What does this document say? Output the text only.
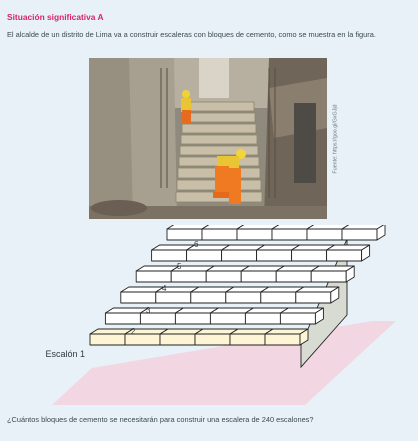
Situación significativa A
El alcalde de un distrito de Lima va a construir escaleras con bloques de cemento, como se muestra en la figura.
Fuente: https://goo.gl/GxGJjd
Escalón 1
2
3
4
5
6
¿Cuántos bloques de cemento se necesitarán para construir una escalera de 240 escalones?
